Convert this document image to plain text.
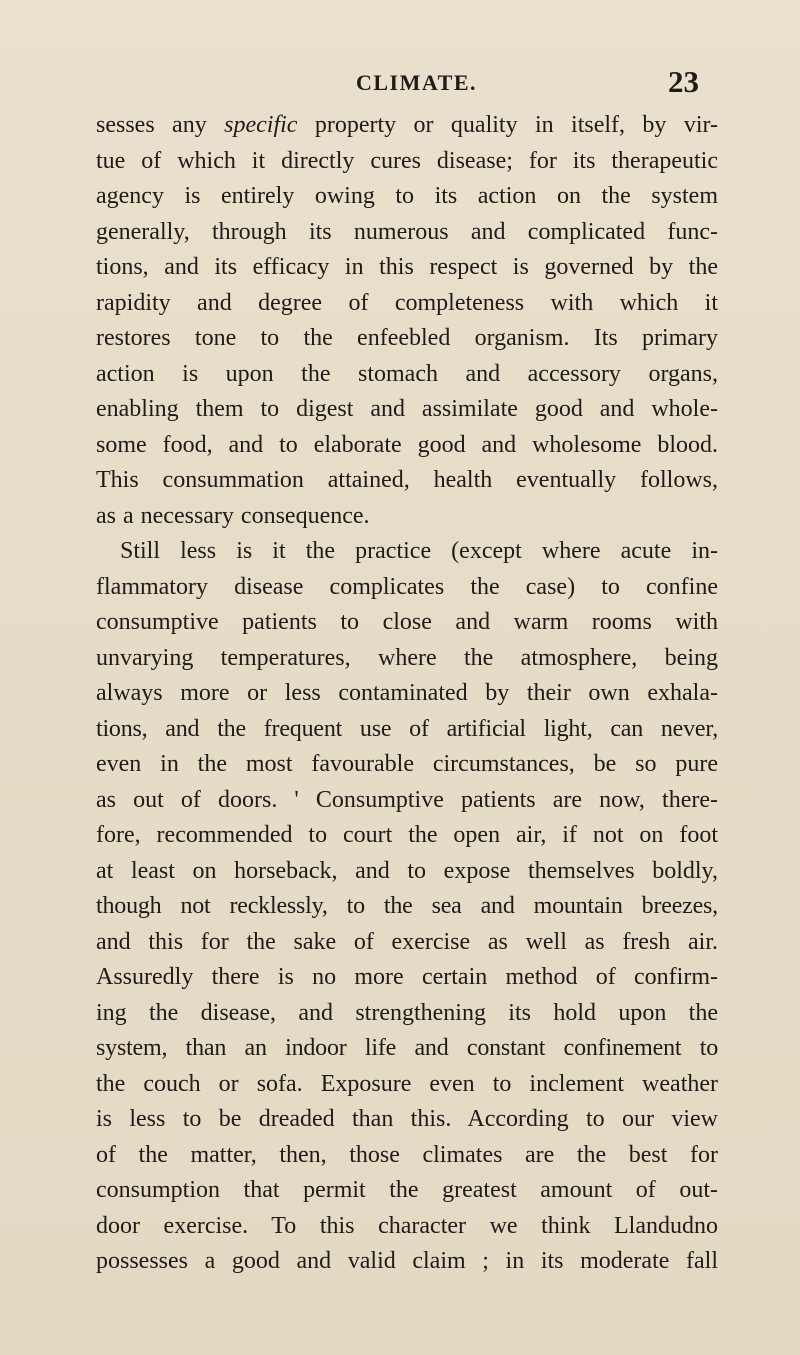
CLIMATE.	23
sesses any specific property or quality in itself, by vir-
tue of which it directly cures disease; for its therapeutic
agency is entirely owing to its action on the system
generally, through its numerous and complicated func-
tions, and its efficacy in this respect is governed by the
rapidity and degree of completeness with which it
restores tone to the enfeebled organism. Its primary
action is upon the stomach and accessory organs,
enabling them to digest and assimilate good and whole-
some food, and to elaborate good and wholesome blood.
This consummation attained, health eventually follows,
as a necessary consequence.
Still less is it the practice (except where acute in-
flammatory disease complicates the case) to confine
consumptive patients to close and warm rooms with
unvarying temperatures, where the atmosphere, being
always more or less contaminated by their own exhala-
tions, and the frequent use of artificial light, can never,
even in the most favourable circumstances, be so pure
as out of doors. ' Consumptive patients are now, there-
fore, recommended to court the open air, if not on foot
at least on horseback, and to expose themselves boldly,
though not recklessly, to the sea and mountain breezes,
and this for the sake of exercise as well as fresh air.
Assuredly there is no more certain method of confirm-
ing the disease, and strengthening its hold upon the
system, than an indoor life and constant confinement to
the couch or sofa. Exposure even to inclement weather
is less to be dreaded than this. According to our view
of the matter, then, those climates are the best for
consumption that permit the greatest amount of out-
door exercise. To this character we think Llandudno
possesses a good and valid claim ; in its moderate fall
